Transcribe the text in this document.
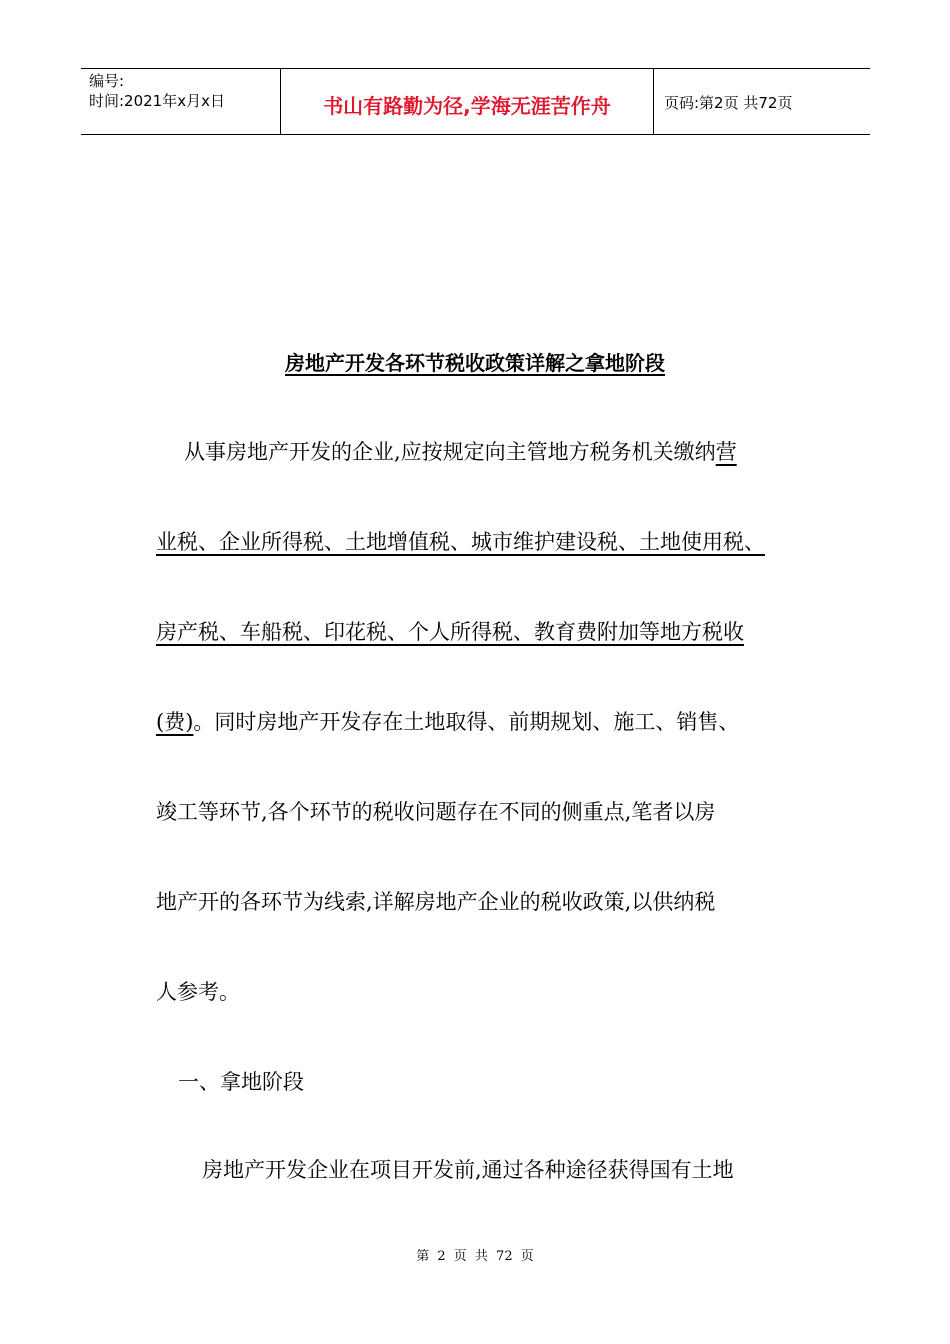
编号:
时间:2021年x月x日	书山有路勤为径,学海无涯苦作舟	页码:第2页 共72页
房地产开发各环节税收政策详解之拿地阶段
从事房地产开发的企业,应按规定向主管地方税务机关缴纳营
业税、企业所得税、土地增值税、城市维护建设税、土地使用税、
房产税、车船税、印花税、个人所得税、教育费附加等地方税收
(费)。同时房地产开发存在土地取得、前期规划、施工、销售、
竣工等环节,各个环节的税收问题存在不同的侧重点,笔者以房
地产开的各环节为线索,详解房地产企业的税收政策,以供纳税
人参考。
一、拿地阶段
房地产开发企业在项目开发前,通过各种途径获得国有土地
第 2 页 共 72 页
